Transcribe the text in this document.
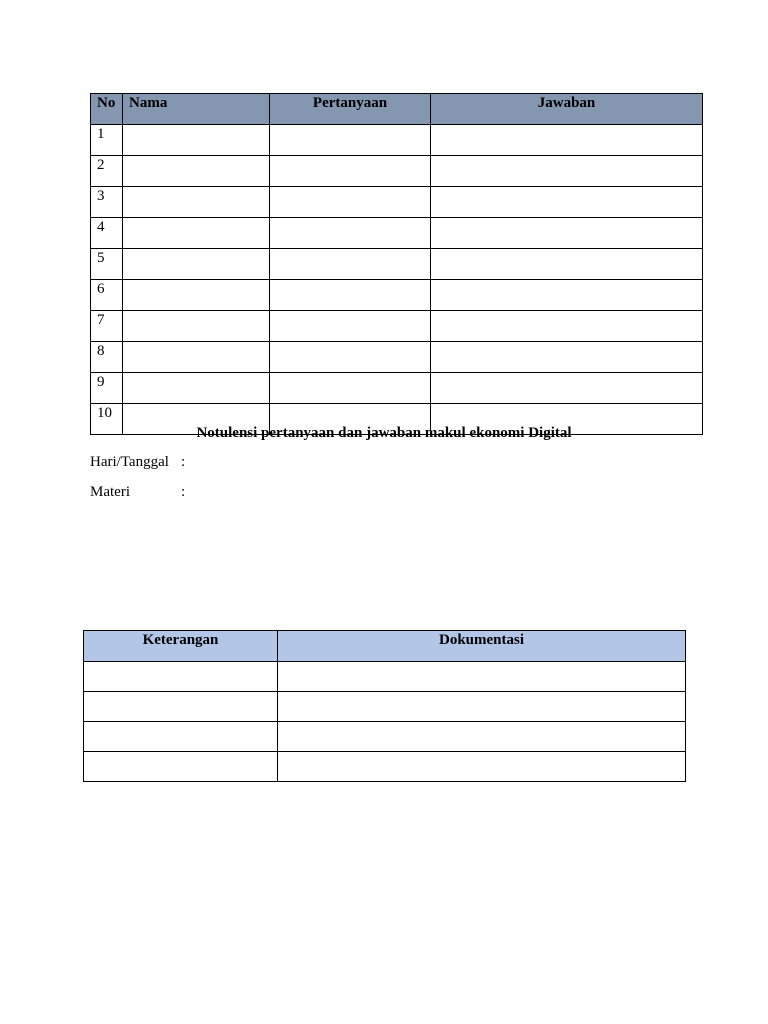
No	Nama	Pertanyaan	Jawaban
1			
2			
3			
4			
5			
6			
7			
8			
9			
10			
Notulensi pertanyaan dan jawaban makul ekonomi Digital
Hari/Tanggal :
Materi	:
Keterangan	Dokumentasi
